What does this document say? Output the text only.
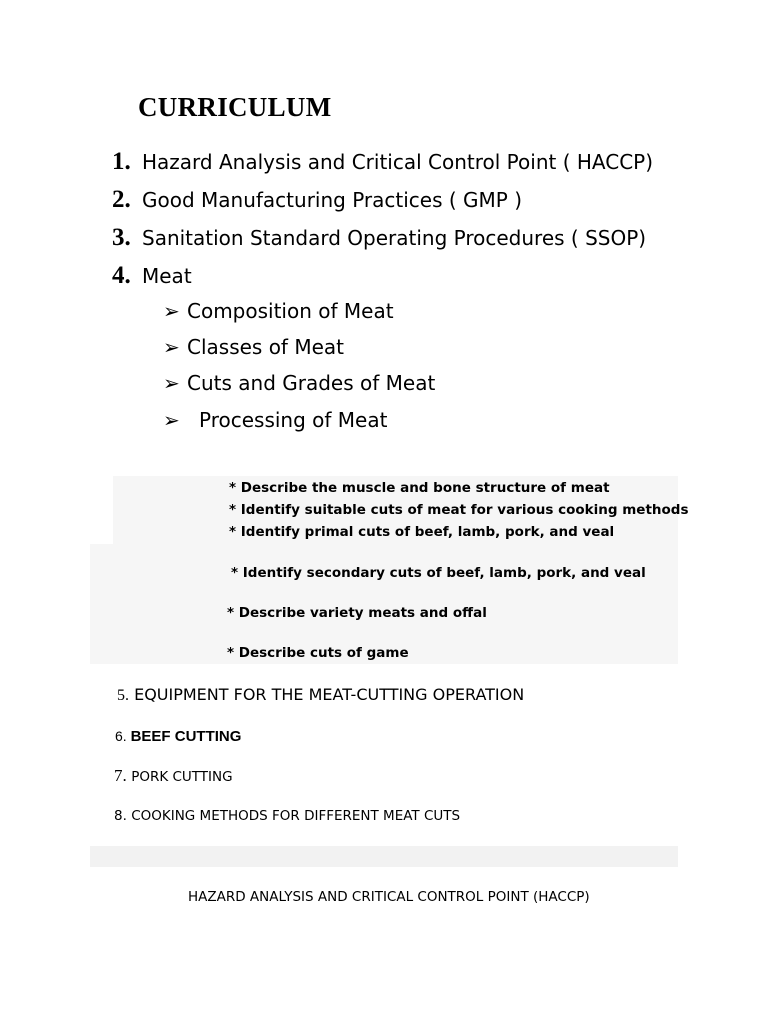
CURRICULUM
1. Hazard Analysis and Critical Control Point ( HACCP)
2. Good Manufacturing Practices ( GMP )
3. Sanitation Standard Operating Procedures ( SSOP)
4. Meat
➢ Composition of Meat
➢ Classes of Meat
➢ Cuts and Grades of Meat
➢ Processing of Meat
* Describe the muscle and bone structure of meat
* Identify suitable cuts of meat for various cooking methods
* Identify primal cuts of beef, lamb, pork, and veal
* Identify secondary cuts of beef, lamb, pork, and veal
* Describe variety meats and offal
* Describe cuts of game
5. EQUIPMENT FOR THE MEAT-CUTTING OPERATION
6. BEEF CUTTING
7. PORK CUTTING
8. COOKING METHODS FOR DIFFERENT MEAT CUTS
HAZARD ANALYSIS AND CRITICAL CONTROL POINT (HACCP)
